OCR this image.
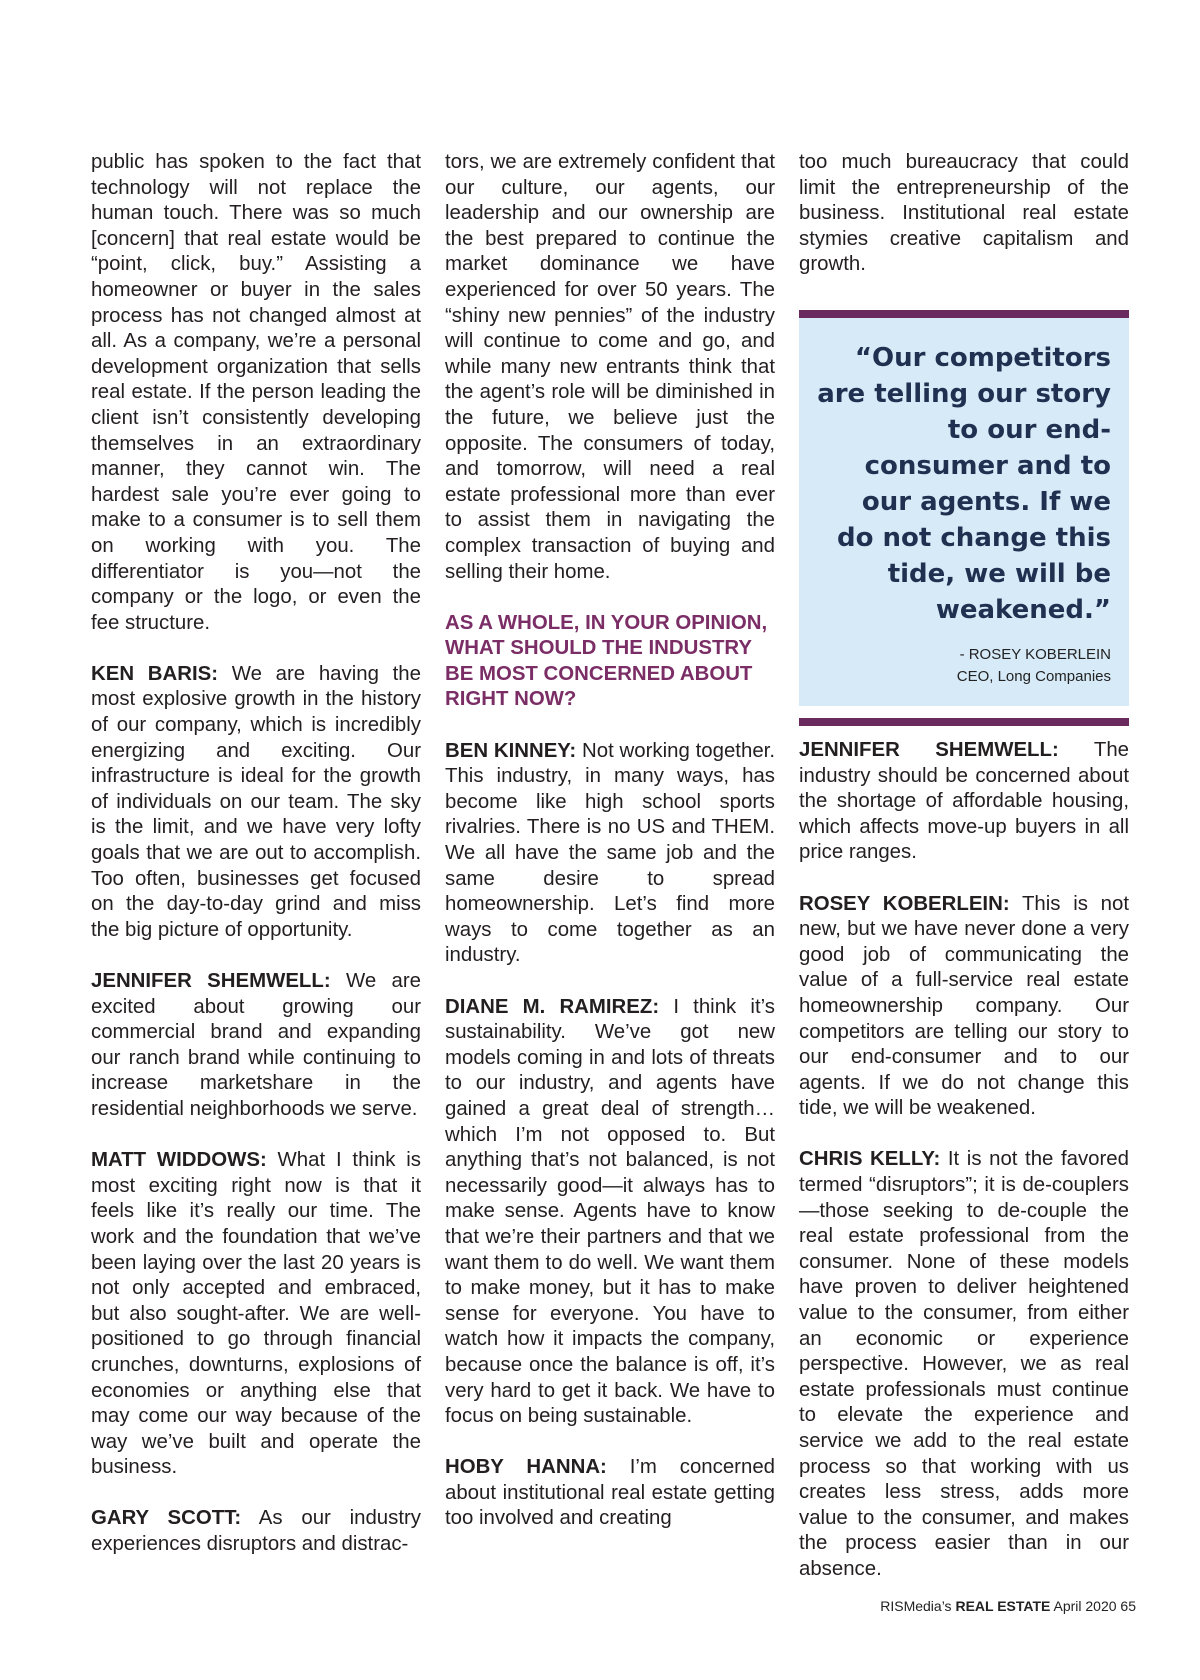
public has spoken to the fact that technology will not replace the human touch. There was so much [concern] that real estate would be “point, click, buy.” Assisting a homeowner or buyer in the sales process has not changed almost at all. As a company, we’re a personal development organization that sells real estate. If the person leading the client isn’t consistently developing themselves in an extraordinary manner, they cannot win. The hardest sale you’re ever going to make to a consumer is to sell them on working with you. The differentiator is you—not the company or the logo, or even the fee structure.

KEN BARIS: We are having the most explosive growth in the history of our company, which is incredibly energizing and exciting. Our infrastructure is ideal for the growth of individuals on our team. The sky is the limit, and we have very lofty goals that we are out to accomplish. Too often, businesses get focused on the day-to-day grind and miss the big picture of opportunity.

JENNIFER SHEMWELL: We are excited about growing our commercial brand and expanding our ranch brand while continuing to increase marketshare in the residential neighborhoods we serve.

MATT WIDDOWS: What I think is most exciting right now is that it feels like it’s really our time. The work and the foundation that we’ve been laying over the last 20 years is not only accepted and embraced, but also sought-after. We are well-positioned to go through financial crunches, downturns, explosions of economies or anything else that may come our way because of the way we’ve built and operate the business.

GARY SCOTT: As our industry experiences disruptors and distrac-

tors, we are extremely confident that our culture, our agents, our leadership and our ownership are the best prepared to continue the market dominance we have experienced for over 50 years. The “shiny new pennies” of the industry will continue to come and go, and while many new entrants think that the agent’s role will be diminished in the future, we believe just the opposite. The consumers of today, and tomorrow, will need a real estate professional more than ever to assist them in navigating the complex transaction of buying and selling their home.

AS A WHOLE, IN YOUR OPINION, WHAT SHOULD THE INDUSTRY BE MOST CONCERNED ABOUT RIGHT NOW?

BEN KINNEY: Not working together. This industry, in many ways, has become like high school sports rivalries. There is no US and THEM. We all have the same job and the same desire to spread homeownership. Let’s find more ways to come together as an industry.

DIANE M. RAMIREZ: I think it’s sustainability. We’ve got new models coming in and lots of threats to our industry, and agents have gained a great deal of strength… which I’m not opposed to. But anything that’s not balanced, is not necessarily good—it always has to make sense. Agents have to know that we’re their partners and that we want them to do well. We want them to make money, but it has to make sense for everyone. You have to watch how it impacts the company, because once the balance is off, it’s very hard to get it back. We have to focus on being sustainable.

HOBY HANNA: I’m concerned about institutional real estate getting too involved and creating

too much bureaucracy that could limit the entrepreneurship of the business. Institutional real estate stymies creative capitalism and growth.

“Our competitors are telling our story to our end-consumer and to our agents. If we do not change this tide, we will be weakened.”
- ROSEY KOBERLEIN
CEO, Long Companies

JENNIFER SHEMWELL: The industry should be concerned about the shortage of affordable housing, which affects move-up buyers in all price ranges.

ROSEY KOBERLEIN: This is not new, but we have never done a very good job of communicating the value of a full-service real estate homeownership company. Our competitors are telling our story to our end-consumer and to our agents. If we do not change this tide, we will be weakened.

CHRIS KELLY: It is not the favored termed “disruptors”; it is de-couplers—those seeking to de-couple the real estate professional from the consumer. None of these models have proven to deliver heightened value to the consumer, from either an economic or experience perspective. However, we as real estate professionals must continue to elevate the experience and service we add to the real estate process so that working with us creates less stress, adds more value to the consumer, and makes the process easier than in our absence.

RISMedia’s REAL ESTATE April 2020 65
